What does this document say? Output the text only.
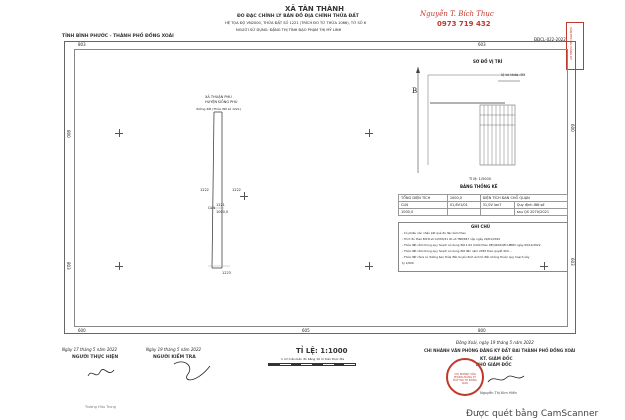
XÃ TÂN THÀNH
ĐO ĐẠC CHỈNH LÝ BẢN ĐỒ ĐỊA CHÍNH THỬA ĐẤT
HỆ TỌA ĐỘ VN2000, THỬA ĐẤT SỐ 1221 (TRÍCH ĐO TỪ THỬA 1066), TỜ SỐ 6
NGƯỜI SỬ DỤNG: ĐẶNG THỊ TÍNH ĐẠO PHẠM THỊ MỸ LINH
TỈNH BÌNH PHƯỚC - THÀNH PHỐ ĐỒNG XOÀI
ĐĐCL-022-2022
Nguyễn T. Bích Thục
0973 719 432
VĂN PHÒNG ĐĂNG KÝ
803	603
800
600
803
603
600	605	800
XÃ THUẬN PHÚ
HUYỆN ĐỒNG PHÚ
đường đất (Thửa đất số 1221)
CLN
1221
1000,0
1222	1222
1223
SƠ ĐỒ VỊ TRÍ
B
Vị trí thửa đất
Tỉ lệ: 1/5000
BẢNG THỐNG KÊ
TỔNG DIỆN TÍCH	1000,0	DIỆN TÍCH ĐAN CHỒ QUẠN	
CLN	01,8V1/01	31,0V lan7	Quy định đất số
1000,0			sau QS 2070/2021
GHI CHÚ
- Có phiếu xác nhận kết quả đo đạc kèm theo
- Trích đo theo ĐƠN số CL503/21 đo số TN8/647 nộp ngày 29/01/2022
- Thửa đất nằm trong quy hoạch sử dụng đất 1.04 (CLN) theo QĐ/4402/QĐ-UBND ngày 09/12/2022
- Thửa đất nằm trong quy hoạch sử dụng đất đến năm 2030 theo quyết định...
- Thửa đất chưa có đường bao thửa đất, tuyến định ảnh tô đất, không thuộc quy hoạch xây
tỷ 1/000
Ngày 17 tháng 5 năm 2022
NGƯỜI THỰC HIỆN
Ngày 19 tháng 5 năm 2022
NGƯỜI KIỂM TRA
TỈ LỆ: 1:1000
1 cm trên bản đồ bằng 10 m trên thực địa
Đồng Xoài, ngày 19 tháng 5 năm 2022
CHI NHÁNH VĂN PHÒNG ĐĂNG KÝ ĐẤT ĐAI THÀNH PHỐ ĐỒNG XOÀI
KT. GIÁM ĐỐC
PHÓ GIÁM ĐỐC
Trương Hữu Trung
Nguyễn Thị Kim Hiền
CHI NHÁNH VĂN PHÒNG ĐĂNG KÝ ĐẤT ĐAI TP ĐỒNG XOÀI
Được quét bằng CamScanner
